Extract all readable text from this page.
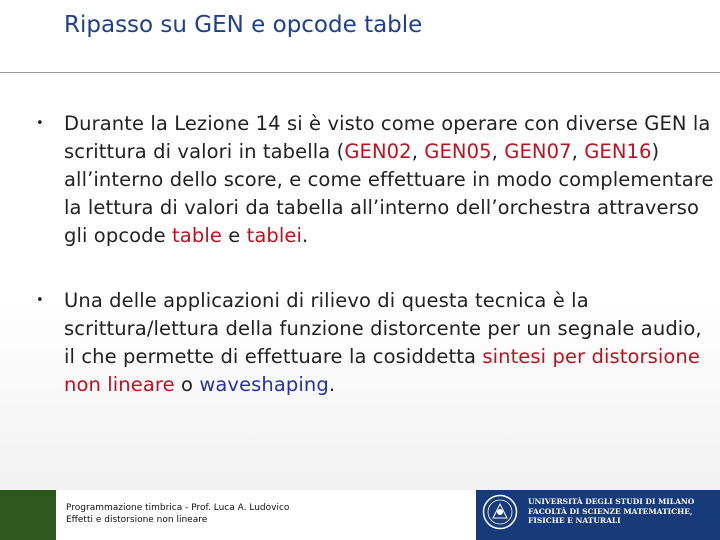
Ripasso su GEN e opcode table
• Durante la Lezione 14 si è visto come operare con diverse GEN la scrittura di valori in tabella (GEN02, GEN05, GEN07, GEN16) all’interno dello score, e come effettuare in modo complementare la lettura di valori da tabella all’interno dell’orchestra attraverso gli opcode table e tablei.
• Una delle applicazioni di rilievo di questa tecnica è la scrittura/lettura della funzione distorcente per un segnale audio, il che permette di effettuare la cosiddetta sintesi per distorsione non lineare o waveshaping.
Programmazione timbrica - Prof. Luca A. Ludovico
Effetti e distorsione non lineare
UNIVERSITÀ DEGLI STUDI DI MILANO
FACOLTÀ DI SCIENZE MATEMATICHE,
FISICHE E NATURALI
